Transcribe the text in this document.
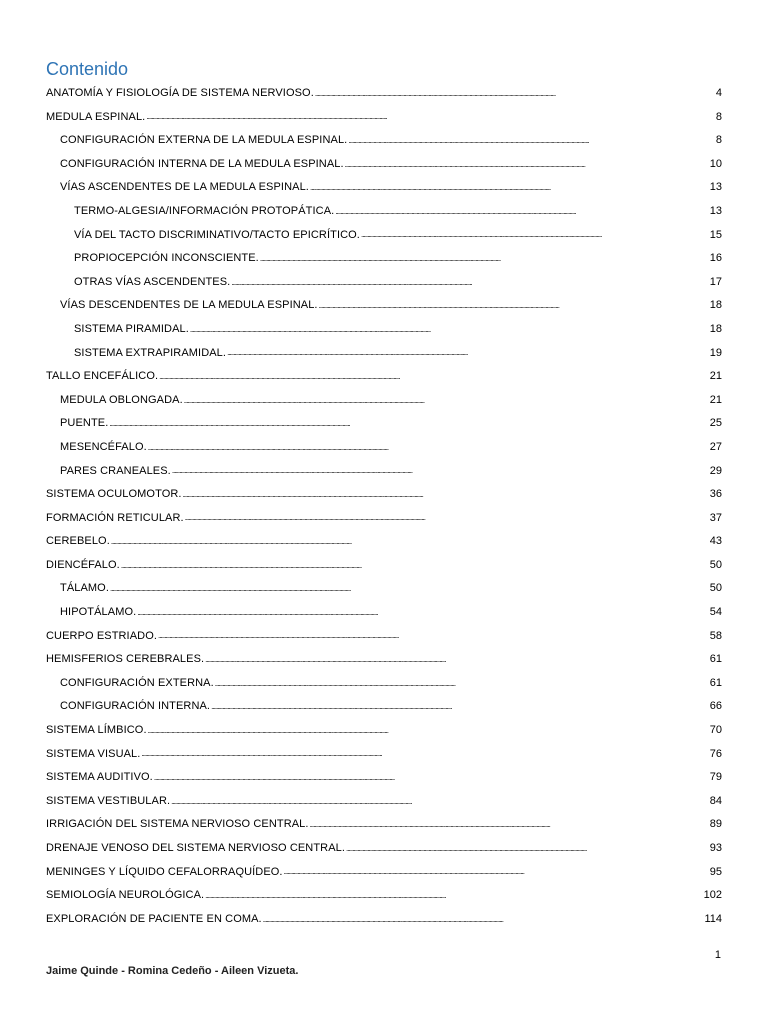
Contenido
ANATOMÍA Y FISIOLOGÍA DE SISTEMA NERVIOSO. . . .	4
MEDULA ESPINAL. . . .	8
CONFIGURACIÓN EXTERNA DE LA MEDULA ESPINAL. . . .	8
CONFIGURACIÓN INTERNA DE LA MEDULA ESPINAL. . . .	10
VÍAS ASCENDENTES DE LA MEDULA ESPINAL. . . .	13
TERMO-ALGESIA/INFORMACIÓN PROTOPÁTICA. . . .	13
VÍA DEL TACTO DISCRIMINATIVO/TACTO EPICRÍTICO. . . .	15
PROPIOCEPCIÓN INCONSCIENTE. . . .	16
OTRAS VÍAS ASCENDENTES. . . .	17
VÍAS DESCENDENTES DE LA MEDULA ESPINAL. . . .	18
SISTEMA PIRAMIDAL. . . .	18
SISTEMA EXTRAPIRAMIDAL. . . .	19
TALLO ENCEFÁLICO. . . .	21
MEDULA OBLONGADA. . . .	21
PUENTE. . . .	25
MESENCÉFALO. . . .	27
PARES CRANEALES. . . .	29
SISTEMA OCULOMOTOR. . . .	36
FORMACIÓN RETICULAR. . . .	37
CEREBELO. . . .	43
DIENCÉFALO. . . .	50
TÁLAMO. . . .	50
HIPOTÁLAMO. . . .	54
CUERPO ESTRIADO. . . .	58
HEMISFERIOS CEREBRALES. . . .	61
CONFIGURACIÓN EXTERNA. . . .	61
CONFIGURACIÓN INTERNA. . . .	66
SISTEMA LÍMBICO. . . .	70
SISTEMA VISUAL. . . .	76
SISTEMA AUDITIVO. . . .	79
SISTEMA VESTIBULAR. . . .	84
IRRIGACIÓN DEL SISTEMA NERVIOSO CENTRAL. . . .	89
DRENAJE VENOSO DEL SISTEMA NERVIOSO CENTRAL. . . .	93
MENINGES Y LÍQUIDO CEFALORRAQUÍDEO. . . .	95
SEMIOLOGÍA NEUROLÓGICA. . . .	102
EXPLORACIÓN DE PACIENTE EN COMA. . . .	114
1
Jaime Quinde - Romina Cedeño - Aileen Vizueta.
